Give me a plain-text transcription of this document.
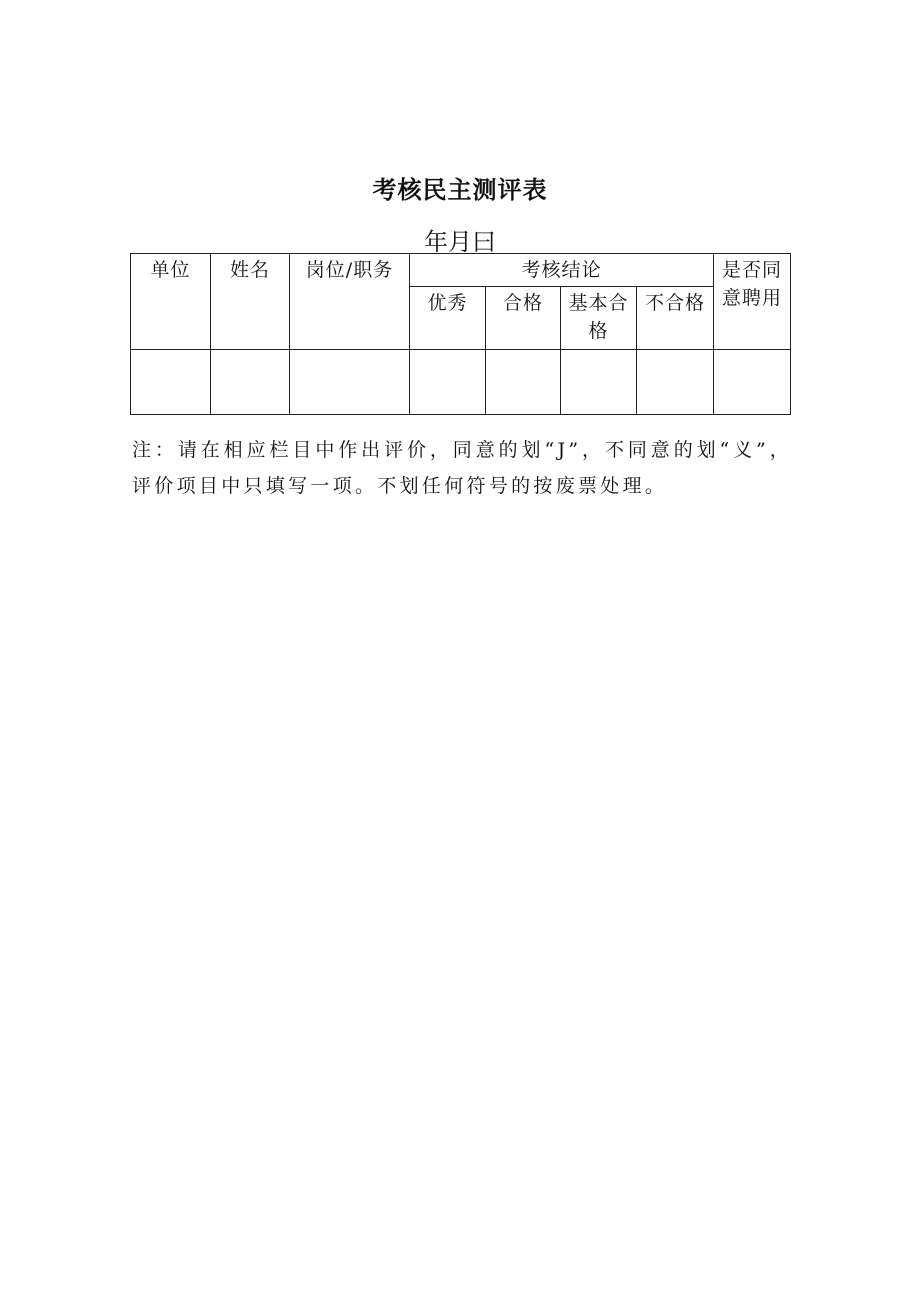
考核民主测评表
年月曰
单位	姓名	岗位/职务	考核结论				是否同意聘用
			优秀	合格	基本合格	不合格	

注：请在相应栏目中作出评价，同意的划“J”，不同意的划“义”，评价项目中只填写一项。不划任何符号的按废票处理。
